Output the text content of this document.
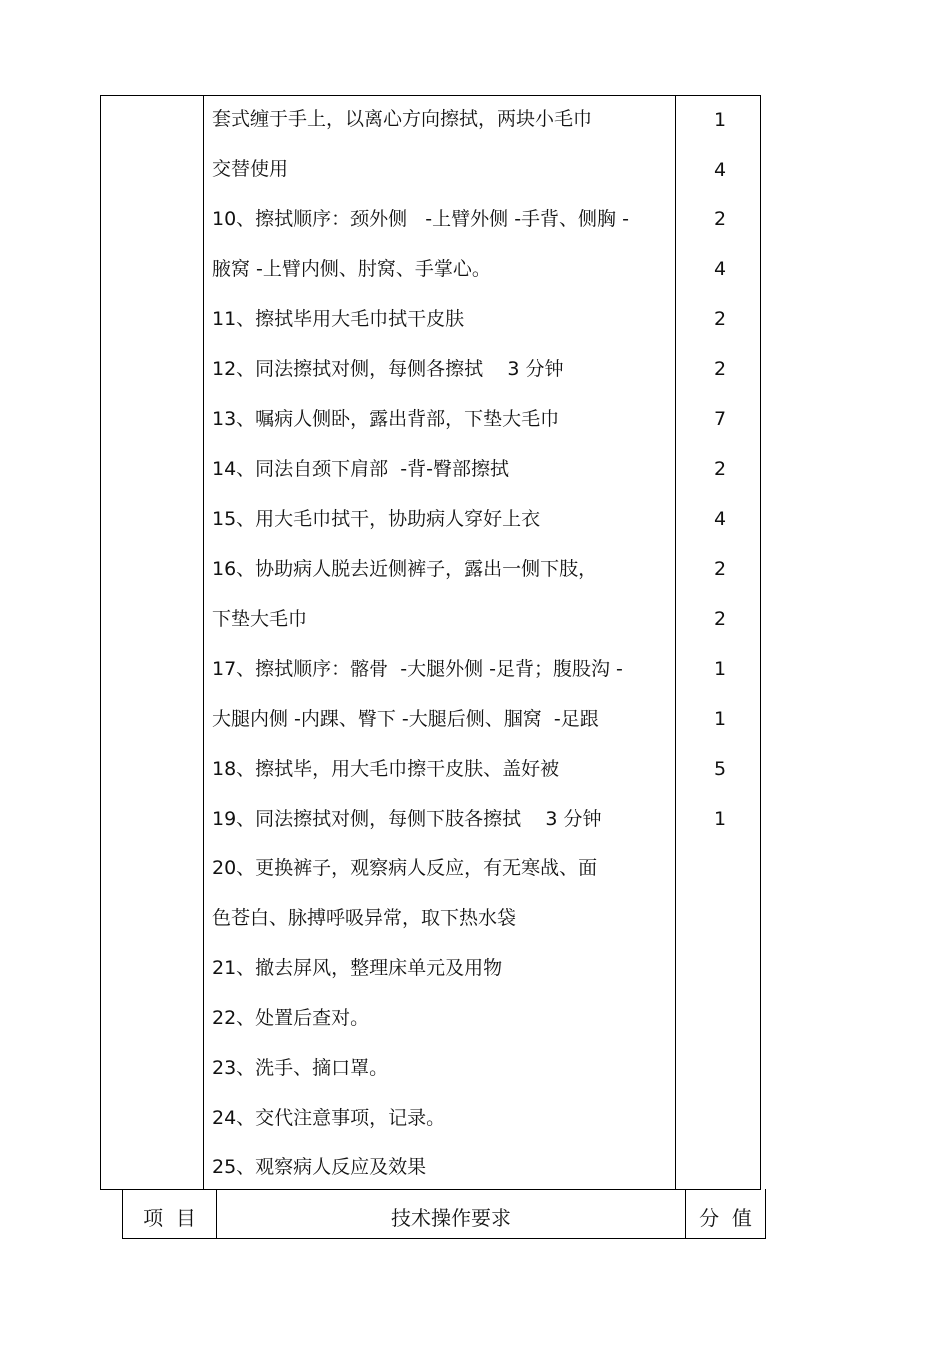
套式缠于手上，以离心方向擦拭，两块小毛巾
交替使用
10、擦拭顺序：颈外侧   -上臂外侧 -手背、侧胸 -
腋窝 -上臂内侧、肘窝、手掌心。
11、擦拭毕用大毛巾拭干皮肤
12、同法擦拭对侧，每侧各擦拭    3 分钟
13、嘱病人侧卧，露出背部，下垫大毛巾
14、同法自颈下肩部  -背-臀部擦拭
15、用大毛巾拭干，协助病人穿好上衣
16、协助病人脱去近侧裤子，露出一侧下肢，
下垫大毛巾
17、擦拭顺序：髂骨  -大腿外侧 -足背；腹股沟 -
大腿内侧 -内踝、臀下 -大腿后侧、腘窝  -足跟
18、擦拭毕，用大毛巾擦干皮肤、盖好被
19、同法擦拭对侧，每侧下肢各擦拭    3 分钟
20、更换裤子，观察病人反应，有无寒战、面
色苍白、脉搏呼吸异常，取下热水袋
21、撤去屏风，整理床单元及用物
22、处置后查对。
23、洗手、摘口罩。
24、交代注意事项，记录。
25、观察病人反应及效果
1
4
2
4
2
2
7
2
4
2
2
1
1
5
1
项  目	技术操作要求	分  值
